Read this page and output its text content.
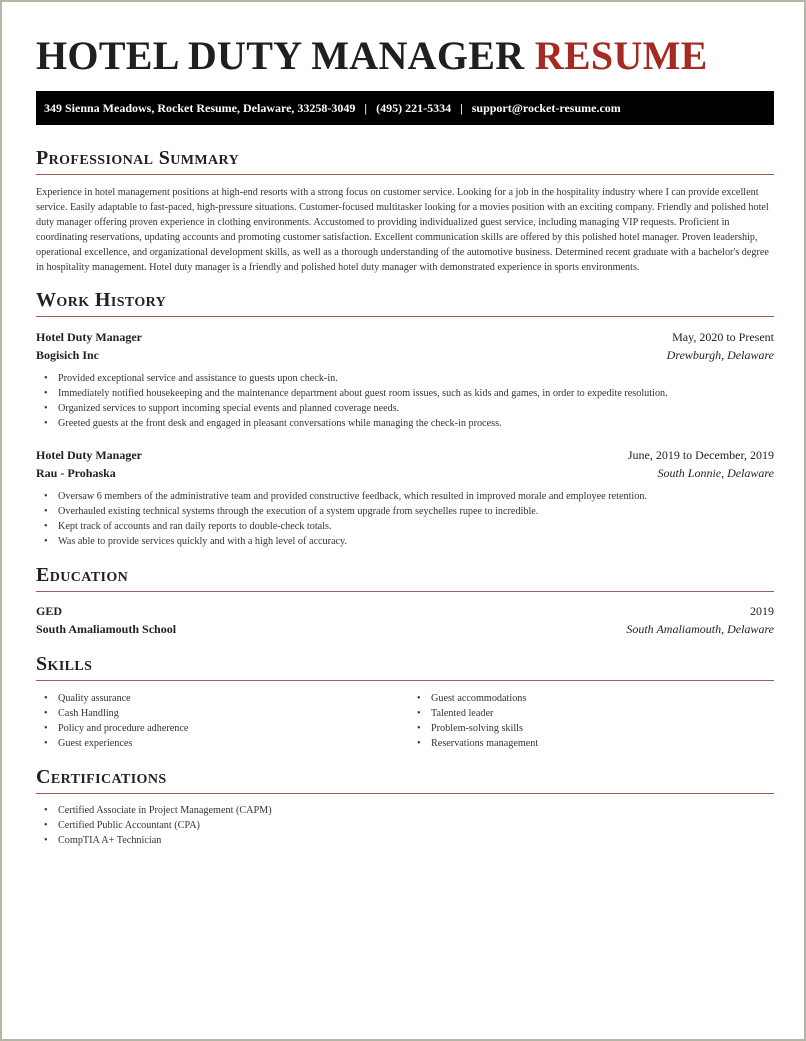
HOTEL DUTY MANAGER RESUME
349 Sienna Meadows, Rocket Resume, Delaware, 33258-3049 | (495) 221-5334 | support@rocket-resume.com
Professional Summary
Experience in hotel management positions at high-end resorts with a strong focus on customer service. Looking for a job in the hospitality industry where I can provide excellent service. Easily adaptable to fast-paced, high-pressure situations. Customer-focused multitasker looking for a movies position with an exciting company. Friendly and polished hotel duty manager offering proven experience in clothing environments. Accustomed to providing individualized guest service, including managing VIP requests. Proficient in coordinating reservations, updating accounts and promoting customer satisfaction. Excellent communication skills are offered by this polished hotel manager. Proven leadership, operational excellence, and organizational development skills, as well as a thorough understanding of the automotive business. Determined recent graduate with a bachelor's degree in hospitality management. Hotel duty manager is a friendly and polished hotel duty manager with demonstrated experience in sports environments.
Work History
Hotel Duty Manager	May, 2020 to Present
Bogisich Inc	Drewburgh, Delaware
• Provided exceptional service and assistance to guests upon check-in.
• Immediately notified housekeeping and the maintenance department about guest room issues, such as kids and games, in order to expedite resolution.
• Organized services to support incoming special events and planned coverage needs.
• Greeted guests at the front desk and engaged in pleasant conversations while managing the check-in process.
Hotel Duty Manager	June, 2019 to December, 2019
Rau - Prohaska	South Lonnie, Delaware
• Oversaw 6 members of the administrative team and provided constructive feedback, which resulted in improved morale and employee retention.
• Overhauled existing technical systems through the execution of a system upgrade from seychelles rupee to incredible.
• Kept track of accounts and ran daily reports to double-check totals.
• Was able to provide services quickly and with a high level of accuracy.
Education
GED	2019
South Amaliamouth School	South Amaliamouth, Delaware
Skills
• Quality assurance
• Cash Handling
• Policy and procedure adherence
• Guest experiences
• Guest accommodations
• Talented leader
• Problem-solving skills
• Reservations management
Certifications
• Certified Associate in Project Management (CAPM)
• Certified Public Accountant (CPA)
• CompTIA A+ Technician
